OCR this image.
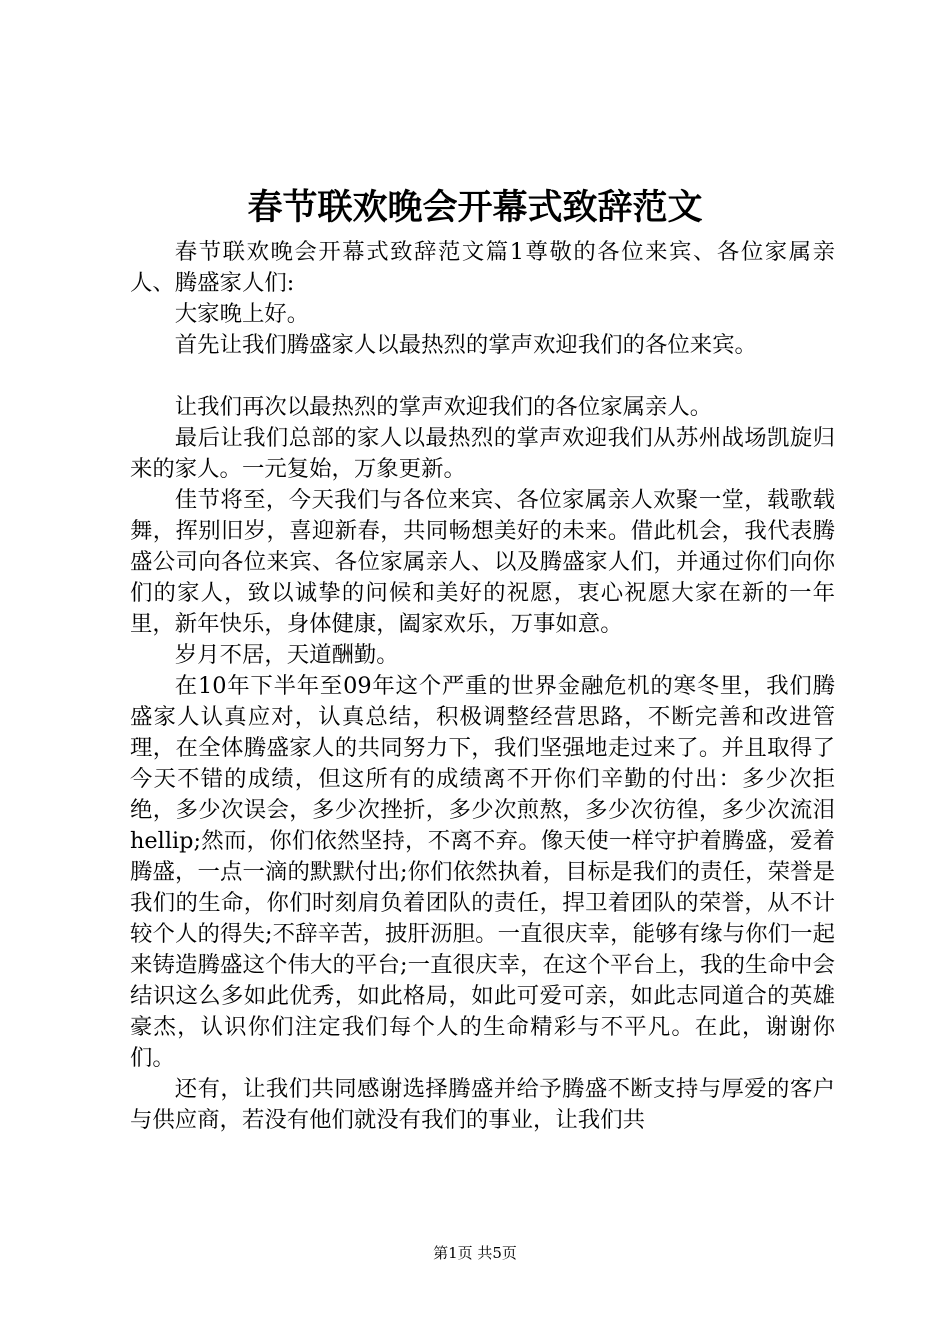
春节联欢晚会开幕式致辞范文

春节联欢晚会开幕式致辞范文篇1尊敬的各位来宾、各位家属亲人、腾盛家人们:

大家晚上好。

首先让我们腾盛家人以最热烈的掌声欢迎我们的各位来宾。

让我们再次以最热烈的掌声欢迎我们的各位家属亲人。

最后让我们总部的家人以最热烈的掌声欢迎我们从苏州战场凯旋归来的家人。一元复始，万象更新。

佳节将至，今天我们与各位来宾、各位家属亲人欢聚一堂，载歌载舞，挥别旧岁，喜迎新春，共同畅想美好的未来。借此机会，我代表腾盛公司向各位来宾、各位家属亲人、以及腾盛家人们，并通过你们向你们的家人，致以诚挚的问候和美好的祝愿，衷心祝愿大家在新的一年里，新年快乐，身体健康，阖家欢乐，万事如意。

岁月不居，天道酬勤。

在10年下半年至09年这个严重的世界金融危机的寒冬里，我们腾盛家人认真应对，认真总结，积极调整经营思路，不断完善和改进管理，在全体腾盛家人的共同努力下，我们坚强地走过来了。并且取得了今天不错的成绩，但这所有的成绩离不开你们辛勤的付出：多少次拒绝，多少次误会，多少次挫折，多少次煎熬，多少次彷徨，多少次流泪hellip;然而，你们依然坚持，不离不弃。像天使一样守护着腾盛，爱着腾盛，一点一滴的默默付出;你们依然执着，目标是我们的责任，荣誉是我们的生命，你们时刻肩负着团队的责任，捍卫着团队的荣誉，从不计较个人的得失;不辞辛苦，披肝沥胆。一直很庆幸，能够有缘与你们一起来铸造腾盛这个伟大的平台;一直很庆幸，在这个平台上，我的生命中会结识这么多如此优秀，如此格局，如此可爱可亲，如此志同道合的英雄豪杰，认识你们注定我们每个人的生命精彩与不平凡。在此，谢谢你们。

还有，让我们共同感谢选择腾盛并给予腾盛不断支持与厚爱的客户与供应商，若没有他们就没有我们的事业，让我们共

第1页 共5页
